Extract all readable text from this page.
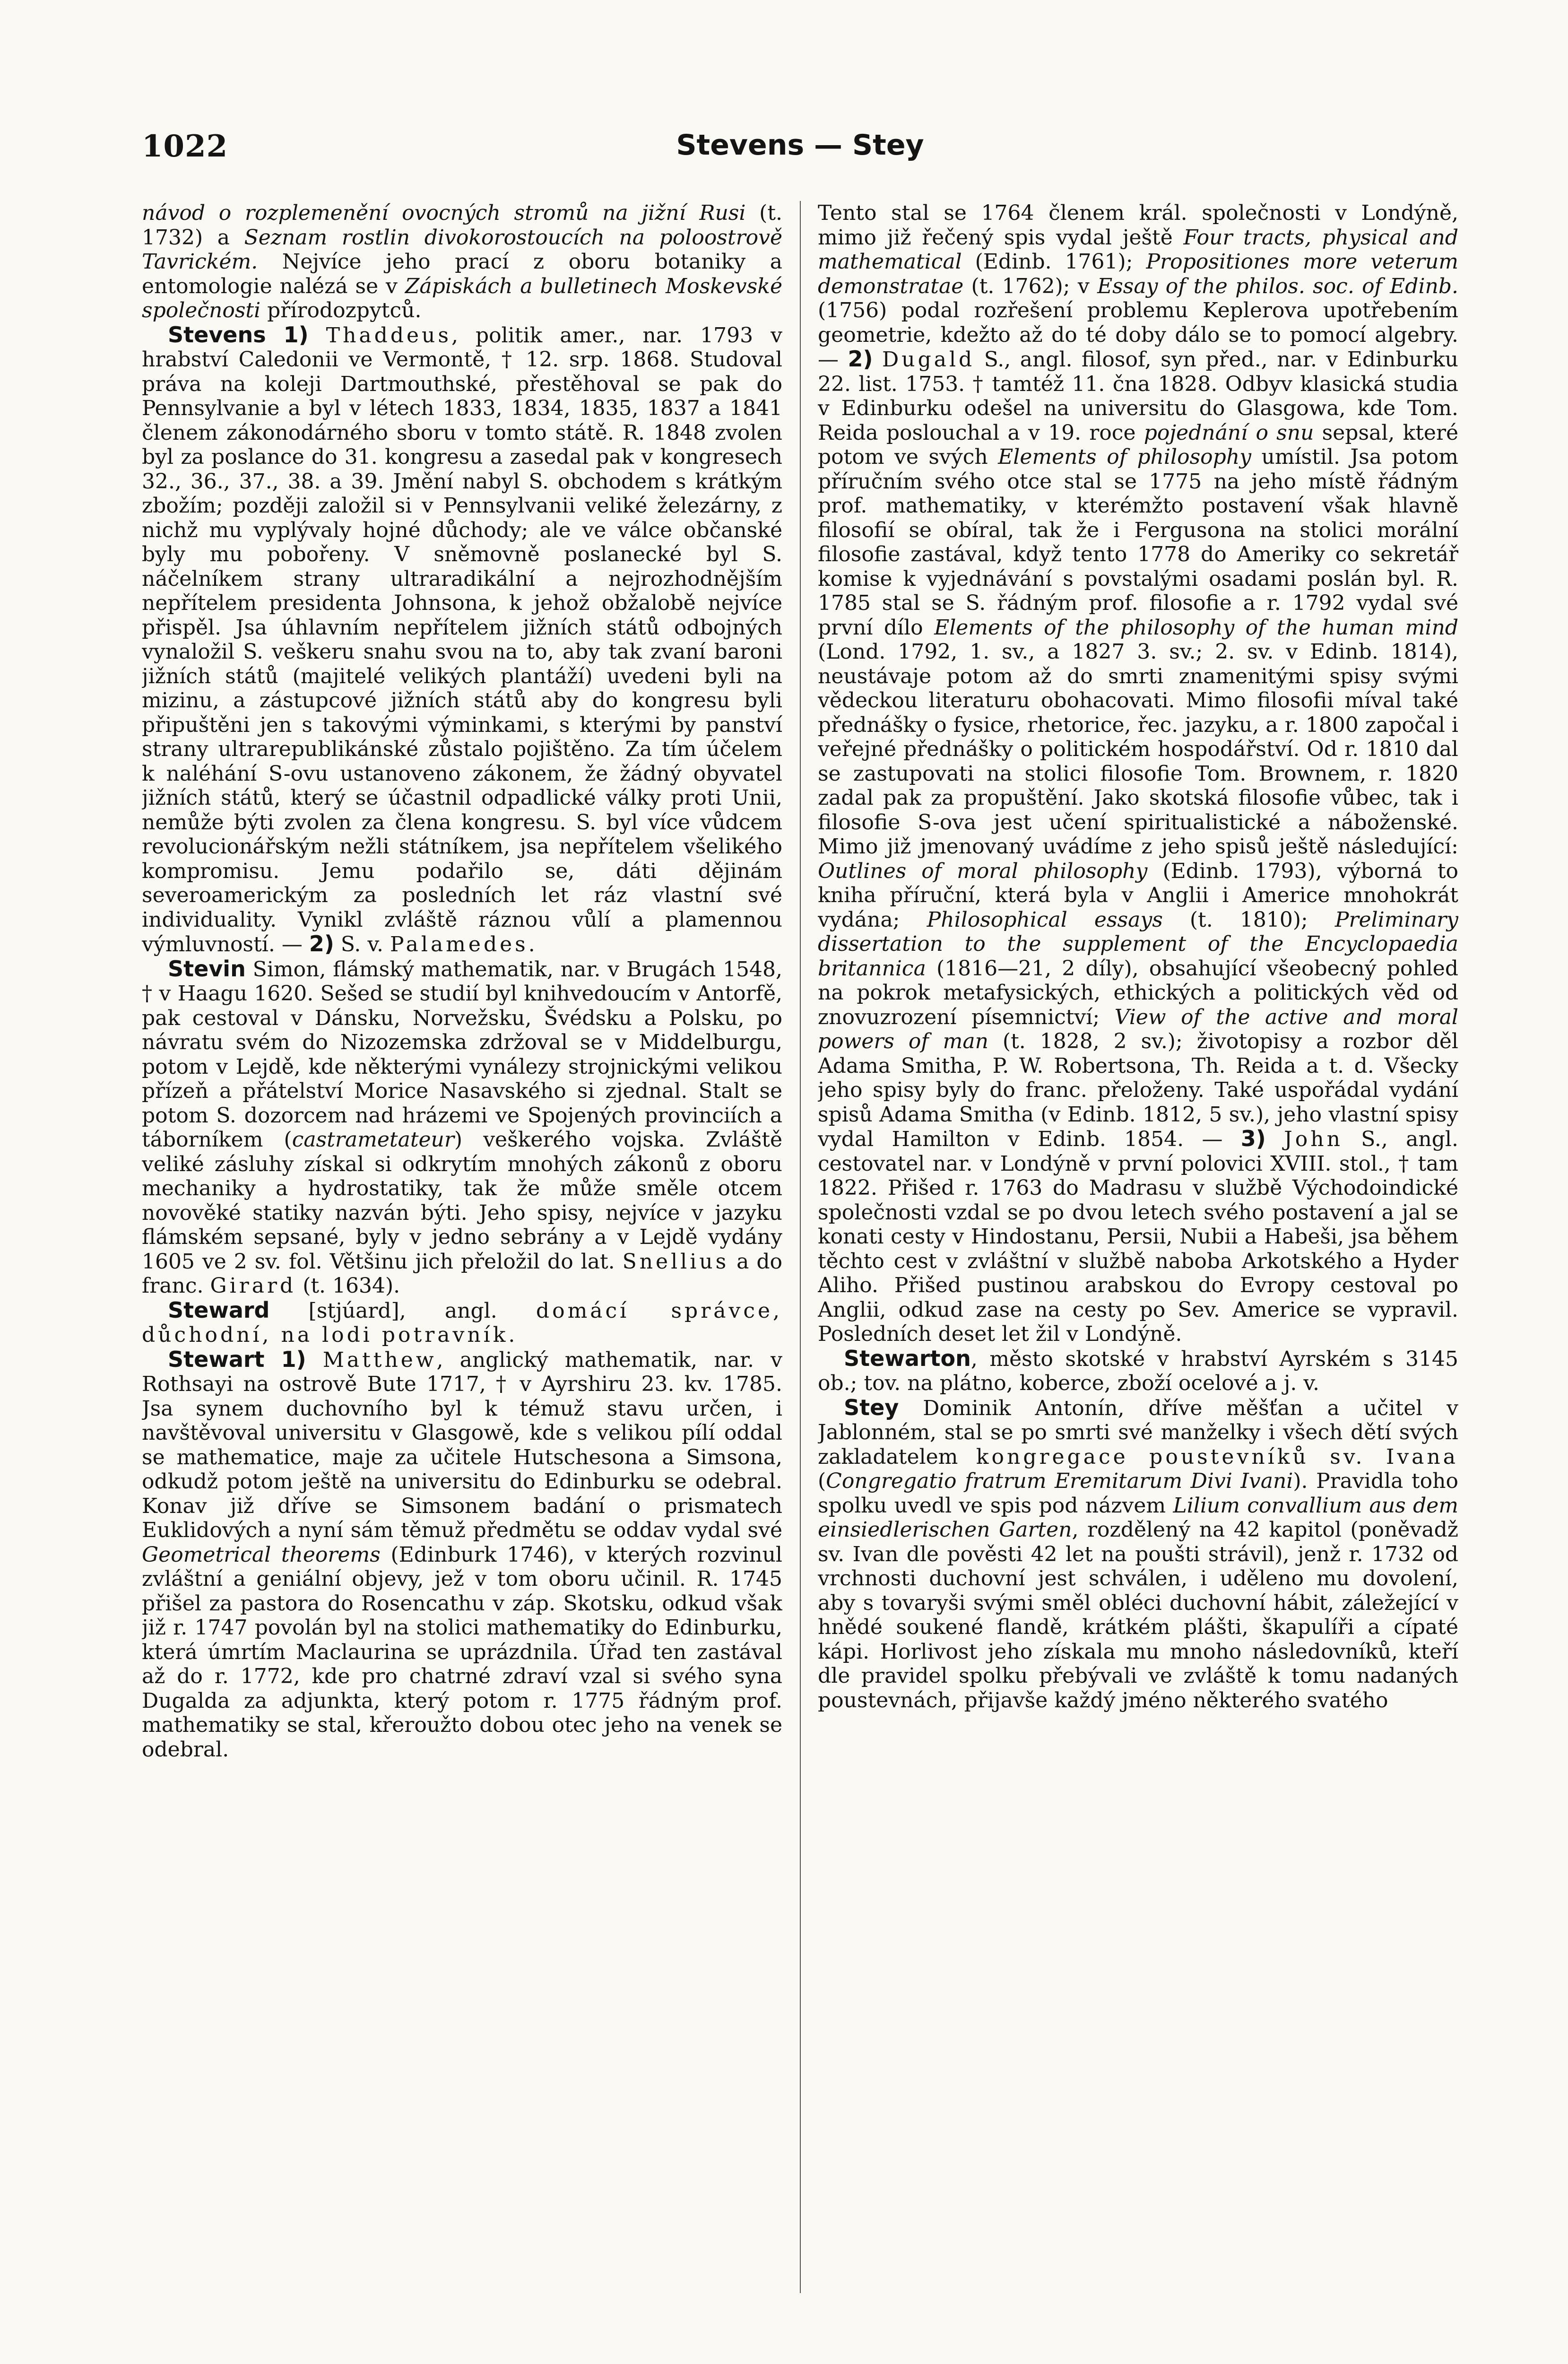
1022	Stevens — Stey

návod o rozplemenění ovocných stromů na jižní Rusi (t. 1732) a Seznam rostlin divokorostoucích na poloostrově Tavrickém. Nejvíce jeho prací z oboru botaniky a entomologie nalézá se v Zápiskách a bulletinech Moskevské společnosti přírodozpytců.

Stevens 1) Thaddeus, politik amer., nar. 1793 v hrabství Caledonii ve Vermontě, † 12. srp. 1868. Studoval práva na koleji Dartmouthské, přestěhoval se pak do Pennsylvanie a byl v létech 1833, 1834, 1835, 1837 a 1841 členem zákonodárného sboru v tomto státě. R. 1848 zvolen byl za poslance do 31. kongresu a zasedal pak v kongresech 32., 36., 37., 38. a 39. Jmění nabyl S. obchodem s krátkým zbožím; později založil si v Pennsylvanii veliké železárny, z nichž mu vyplývaly hojné důchody; ale ve válce občanské byly mu pobořeny. V sněmovně poslanecké byl S. náčelníkem strany ultraradikální a nejrozhodnějším nepřítelem presidenta Johnsona, k jehož obžalobě nejvíce přispěl. Jsa úhlavním nepřítelem jižních států odbojných vynaložil S. veškeru snahu svou na to, aby tak zvaní baroni jižních států (majitelé velikých plantáží) uvedeni byli na mizinu, a zástupcové jižních států aby do kongresu byli připuštěni jen s takovými výminkami, s kterými by panství strany ultrarepublikánské zůstalo pojištěno. Za tím účelem k naléhání S-ovu ustanoveno zákonem, že žádný obyvatel jižních států, který se účastnil odpadlické války proti Unii, nemůže býti zvolen za člena kongresu. S. byl více vůdcem revolucionářským nežli státníkem, jsa nepřítelem všelikého kompromisu. Jemu podařilo se, dáti dějinám severoamerickým za posledních let ráz vlastní své individuality. Vynikl zvláště ráznou vůlí a plamennou výmluvností. — 2) S. v. Palamedes.

Stevin Simon, flámský mathematik, nar. v Brugách 1548, † v Haagu 1620. Sešed se studií byl knihvedoucím v Antorfě, pak cestoval v Dánsku, Norvežsku, Švédsku a Polsku, po návratu svém do Nizozemska zdržoval se v Middelburgu, potom v Lejdě, kde některými vynálezy strojnickými velikou přízeň a přátelství Morice Nasavského si zjednal. Stalt se potom S. dozorcem nad hrázemi ve Spojených provinciích a táborníkem (castrametateur) veškerého vojska. Zvláště veliké zásluhy získal si odkrytím mnohých zákonů z oboru mechaniky a hydrostatiky, tak že může směle otcem novověké statiky nazván býti. Jeho spisy, nejvíce v jazyku flámském sepsané, byly v jedno sebrány a v Lejdě vydány 1605 ve 2 sv. fol. Většinu jich přeložil do lat. Snellius a do franc. Girard (t. 1634).

Steward [stjúard], angl. domácí správce, důchodní, na lodi potravník.

Stewart 1) Matthew, anglický mathematik, nar. v Rothsayi na ostrově Bute 1717, † v Ayrshiru 23. kv. 1785. Jsa synem duchovního byl k témuž stavu určen, i navštěvoval universitu v Glasgowě, kde s velikou pílí oddal se mathematice, maje za učitele Hutschesona a Simsona, odkudž potom ještě na universitu do Edinburku se odebral. Konav již dříve se Simsonem badání o prismatech Euklidových a nyní sám těmuž předmětu se oddav vydal své Geometrical theorems (Edinburk 1746), v kterých rozvinul zvláštní a geniální objevy, jež v tom oboru učinil. R. 1745 přišel za pastora do Rosencathu v záp. Skotsku, odkud však již r. 1747 povolán byl na stolici mathematiky do Edinburku, která úmrtím Maclaurina se uprázdnila. Úřad ten zastával až do r. 1772, kde pro chatrné zdraví vzal si svého syna Dugalda za adjunkta, který potom r. 1775 řádným prof. mathematiky se stal, křeroužto dobou otec jeho na venek se odebral.

Tento stal se 1764 členem král. společnosti v Londýně, mimo již řečený spis vydal ještě Four tracts, physical and mathematical (Edinb. 1761); Propositiones more veterum demonstratae (t. 1762); v Essay of the philos. soc. of Edinb. (1756) podal rozřešení problemu Keplerova upotřebením geometrie, kdežto až do té doby dálo se to pomocí algebry. — 2) Dugald S., angl. filosof, syn před., nar. v Edinburku 22. list. 1753. † tamtéž 11. čna 1828. Odbyv klasická studia v Edinburku odešel na universitu do Glasgowa, kde Tom. Reida poslouchal a v 19. roce pojednání o snu sepsal, které potom ve svých Elements of philosophy umístil. Jsa potom příručním svého otce stal se 1775 na jeho místě řádným prof. mathematiky, v kterémžto postavení však hlavně filosofií se obíral, tak že i Fergusona na stolici morální filosofie zastával, když tento 1778 do Ameriky co sekretář komise k vyjednávání s povstalými osadami poslán byl. R. 1785 stal se S. řádným prof. filosofie a r. 1792 vydal své první dílo Elements of the philosophy of the human mind (Lond. 1792, 1. sv., a 1827 3. sv.; 2. sv. v Edinb. 1814), neustávaje potom až do smrti znamenitými spisy svými vědeckou literaturu obohacovati. Mimo filosofii míval také přednášky o fysice, rhetorice, řec. jazyku, a r. 1800 započal i veřejné přednášky o politickém hospodářství. Od r. 1810 dal se zastupovati na stolici filosofie Tom. Brownem, r. 1820 zadal pak za propuštění. Jako skotská filosofie vůbec, tak i filosofie S-ova jest učení spiritualistické a náboženské. Mimo již jmenovaný uvádíme z jeho spisů ještě následující: Outlines of moral philosophy (Edinb. 1793), výborná to kniha příruční, která byla v Anglii i Americe mnohokrát vydána; Philosophical essays (t. 1810); Preliminary dissertation to the supplement of the Encyclopaedia britannica (1816—21, 2 díly), obsahující všeobecný pohled na pokrok metafysických, ethických a politických věd od znovuzrození písemnictví; View of the active and moral powers of man (t. 1828, 2 sv.); životopisy a rozbor děl Adama Smitha, P. W. Robertsona, Th. Reida a t. d. Všecky jeho spisy byly do franc. přeloženy. Také uspořádal vydání spisů Adama Smitha (v Edinb. 1812, 5 sv.), jeho vlastní spisy vydal Hamilton v Edinb. 1854. — 3) John S., angl. cestovatel nar. v Londýně v první polovici XVIII. stol., † tam 1822. Přišed r. 1763 do Madrasu v službě Východoindické společnosti vzdal se po dvou letech svého postavení a jal se konati cesty v Hindostanu, Persii, Nubii a Habeši, jsa během těchto cest v zvláštní v službě naboba Arkotského a Hyder Aliho. Přišed pustinou arabskou do Evropy cestoval po Anglii, odkud zase na cesty po Sev. Americe se vypravil. Posledních deset let žil v Londýně.

Stewarton, město skotské v hrabství Ayrském s 3145 ob.; tov. na plátno, koberce, zboží ocelové a j. v.

Stey Dominik Antonín, dříve měšťan a učitel v Jablonném, stal se po smrti své manželky i všech dětí svých zakladatelem kongregace poustevníků sv. Ivana (Congregatio fratrum Eremitarum Divi Ivani). Pravidla toho spolku uvedl ve spis pod názvem Lilium convallium aus dem einsiedlerischen Garten, rozdělený na 42 kapitol (poněvadž sv. Ivan dle pověsti 42 let na poušti strávil), jenž r. 1732 od vrchnosti duchovní jest schválen, i uděleno mu dovolení, aby s tovaryši svými směl obléci duchovní hábit, záležející v hnědé soukené flandě, krátkém plášti, škapulíři a cípaté kápi. Horlivost jeho získala mu mnoho následovníků, kteří dle pravidel spolku přebývali ve zvláště k tomu nadaných poustevnách, přijavše každý jméno některého svatého
